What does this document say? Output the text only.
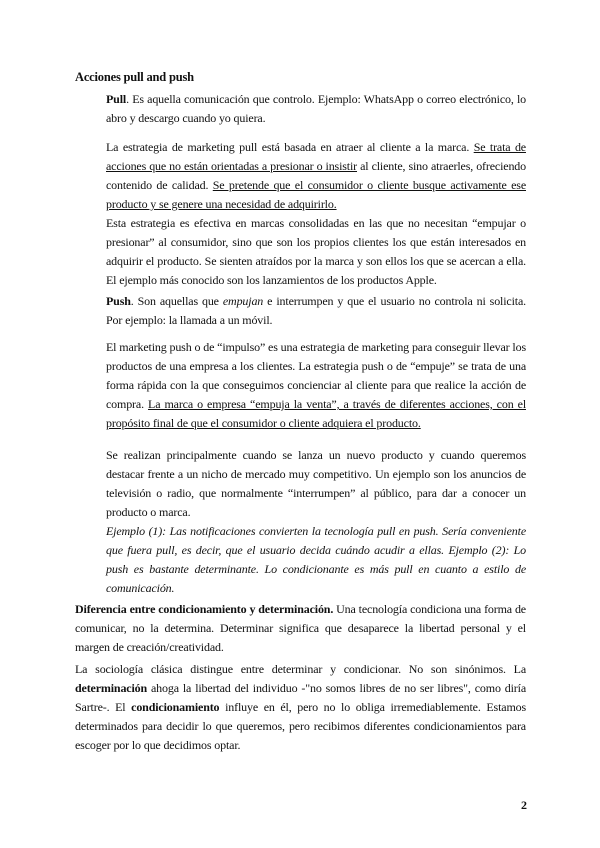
Acciones pull and push

Pull. Es aquella comunicación que controlo. Ejemplo: WhatsApp o correo electrónico, lo abro y descargo cuando yo quiera.

La estrategia de marketing pull está basada en atraer al cliente a la marca. Se trata de acciones que no están orientadas a presionar o insistir al cliente, sino atraerles, ofreciendo contenido de calidad. Se pretende que el consumidor o cliente busque activamente ese producto y se genere una necesidad de adquirirlo.

Esta estrategia es efectiva en marcas consolidadas en las que no necesitan “empujar o presionar” al consumidor, sino que son los propios clientes los que están interesados en adquirir el producto. Se sienten atraídos por la marca y son ellos los que se acercan a ella. El ejemplo más conocido son los lanzamientos de los productos Apple.

Push. Son aquellas que empujan e interrumpen y que el usuario no controla ni solicita. Por ejemplo: la llamada a un móvil.

El marketing push o de “impulso” es una estrategia de marketing para conseguir llevar los productos de una empresa a los clientes. La estrategia push o de “empuje” se trata de una forma rápida con la que conseguimos concienciar al cliente para que realice la acción de compra. La marca o empresa “empuja la venta”, a través de diferentes acciones, con el propósito final de que el consumidor o cliente adquiera el producto.

Se realizan principalmente cuando se lanza un nuevo producto y cuando queremos destacar frente a un nicho de mercado muy competitivo. Un ejemplo son los anuncios de televisión o radio, que normalmente “interrumpen” al público, para dar a conocer un producto o marca.

Ejemplo (1): Las notificaciones convierten la tecnología pull en push. Sería conveniente que fuera pull, es decir, que el usuario decida cuándo acudir a ellas. Ejemplo (2): Lo push es bastante determinante. Lo condicionante es más pull en cuanto a estilo de comunicación.

Diferencia entre condicionamiento y determinación. Una tecnología condiciona una forma de comunicar, no la determina. Determinar significa que desaparece la libertad personal y el margen de creación/creatividad.

La sociología clásica distingue entre determinar y condicionar. No son sinónimos. La determinación ahoga la libertad del individuo -"no somos libres de no ser libres", como diría Sartre-. El condicionamiento influye en él, pero no lo obliga irremediablemente. Estamos determinados para decidir lo que queremos, pero recibimos diferentes condicionamientos para escoger por lo que decidimos optar.

2
